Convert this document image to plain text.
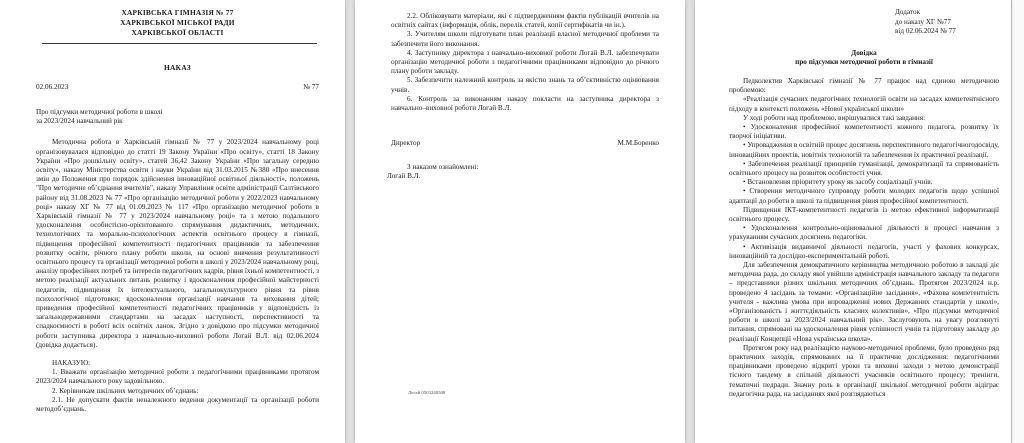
ХАРКІВСЬКА ГІМНАЗІЯ № 77
ХАРКІВСЬКОЇ МІСЬКОЇ РАДИ
ХАРКІВСЬКОЇ ОБЛАСТІ
НАКАЗ
02.06.2023	№ 77
Про підсумки методичної роботи в школі
за 2023/2024 навчальний рік

Методична робота в Харківській гімназії № 77 у 2023/2024 навчальному році організовувалася відповідно до статті 19 Закону України «Про освіту», статті 18 Закону України «Про дошкільну освіту», статей 36,42 Закону України «Про загальну середню освіту», наказу Міністерства освіти і науки України від 31.03.2015 №380 «Про внесення змін до Положення про порядок здійснення інноваційної освітньої діяльності», положень "Про методичне об’єднання вчителів", наказу Управління освіти адміністрації Салтівського району від 31.08.2023 № 77 «Про організацію методичної роботи у 2022/2023 навчальному році» наказу ХГ № 77 від 01.09.2023 № 117 «Про організацію методичної роботи в Харківській гімназії № 77 у 2023/2024 навчальному році» та з метою подальшого удосконалення особистісно-орієнтованого спрямування дидактичних, методичних, технологічних та морально-психологічних аспектів освітнього процесу в гімназії, підвищення професійної компетентності педагогічних працівників та забезпечення розвитку освіти, річного плану роботи школи, на основі вивчення результативності освітнього процесу та організації методичної роботи в школі у 2023/2024 навчальному році, аналізу професійних потреб та інтересів педагогічних кадрів, рівня їхньої компетентності, з метою реалізації актуальних питань розвитку і вдосконалення професійної майстерності педагогів, підвищення їх інтелектуального, загальнокультурного рівня та рівня психологічної підготовки; вдосконалення організації навчання та виховання дітей; приведення професійної компетентності педагогічних працівників у відповідність із загальнодержавними стандартами на засадах наступності, перспективності та спадкоємності в роботі всіх освітніх ланок. Згідно з довідкою про підсумки методичної роботи заступника директора з навчально-виховної роботи Логай В.Л. від 02.06.2024 (довідка додається).

НАКАЗУЮ:

1. Вважати організацію методичної роботи з педагогічними працівниками протягом 2023/2024 навчального року задовільною.

2. Керівникам шкільних методичних об’єднань:

2.1. Не допускати фактів неналежного ведення документації та організації роботи методоб’єднань.

2.2. Обліковувати матеріали, які є підтвердженням фактів публікацій вчителів на освітніх сайтах (інформація, облік, перелік статей, копії сертифікатів чи ін.).

3. Учителям школи підготувати план реалізації власної методичної проблеми та забезпечити його виконання.

4. Заступнику директора з навчально-виховної роботи Логай В.Л. забезпечувати організацію методичної роботи з педагогічними працівниками відповідно до річного плану роботи закладу.

5. Забезпечити належний контроль за якістю знань та об’єктивністю оцінювання учнів.

6. Контроль за виконанням наказу покласти на заступника директора з навчально–виховної роботи Логай В.Л.

Директор	М.М.Боренко
З наказом ознайомлені:
Логай В.Л.
Логай 0503240508
Додаток
до наказу ХГ №77
від 02.06.2024 № 77
Довідка
про підсумки методичної роботи в гімназії

Педколектив Харківської гімназії № 77 працює над єдиною методичною проблемою:

«Реалізація сучасних педагогічних технологій освіти на засадах компетентнісного підходу в контексті положень «Нової української школи»

У ході роботи над проблемою, вирішувалися такі завдання:

• Удосконалення професійної компетентності кожного педагога, розвитку їх творчої ініціативи.

• Упровадження в освітній процес досягнень перспективного педагогічногодосвіду, інноваційних проектів, новітніх технологій та забезпечення їх практичної реалізації.

• Забезпечення реалізації принципів гуманізації, демократизації та спрямованість освітнього процесу на розвиток особистості учня.

• Встановлення пріоритету уроку як засобу соціалізації учнів.

• Створення методичного супроводу роботи молодих педагогів щодо успішної адаптації до роботи в школі та підвищення рівня професійної компетентності.

Підвищення ІКТ-компетентності педагогів із метою ефективної інформатизації освітнього процесу.

• Удосконалення контрольно-оцінювальної діяльності в процесі навчання з урахуванням сучасних досягнень педагогіки.

• Активізація видавничої діяльності педагогів, участі у фахових конкурсах, інноваційній та дослідно-експериментальній роботі.

Для забезпечення демократичного керівництва методичною роботою в закладі діє методична рада, до складу якої увійшли адміністрація навчального закладу та педагоги – представники різних шкільних методичних об’єднань. Протягом 2023/2024 н.р. проведено 4 засідань за темами: «Організаційне засідання», «Фахова компетентність учителя - важлива умова при впровадженні нових Державних стандартів у школі», «Організованість і життєдіяльність класних колективів», «Про підсумки методичної роботи в школі за 2023/2024 навчальний рік». Заслуговують на увагу розглянуті питання, спрямовані на удосконалення рівня успішності учнів та підготовку закладу до реалізації Концепції «Нова українська школа».

Протягом року над реалізацією науково-методичної проблеми, було проведено ряд практичних заходів, спрямованих на її практичне дослідження: педагогічними працівниками проведено відкриті уроки та виховні заходи з метою демонстрації тісного тандему в спільній діяльності учасників освітнього процесу; тренінги, тематичні педради. Значну роль в організації шкільної методичної роботи відіграє педагогічна рада, на засіданнях якої розглядаються
